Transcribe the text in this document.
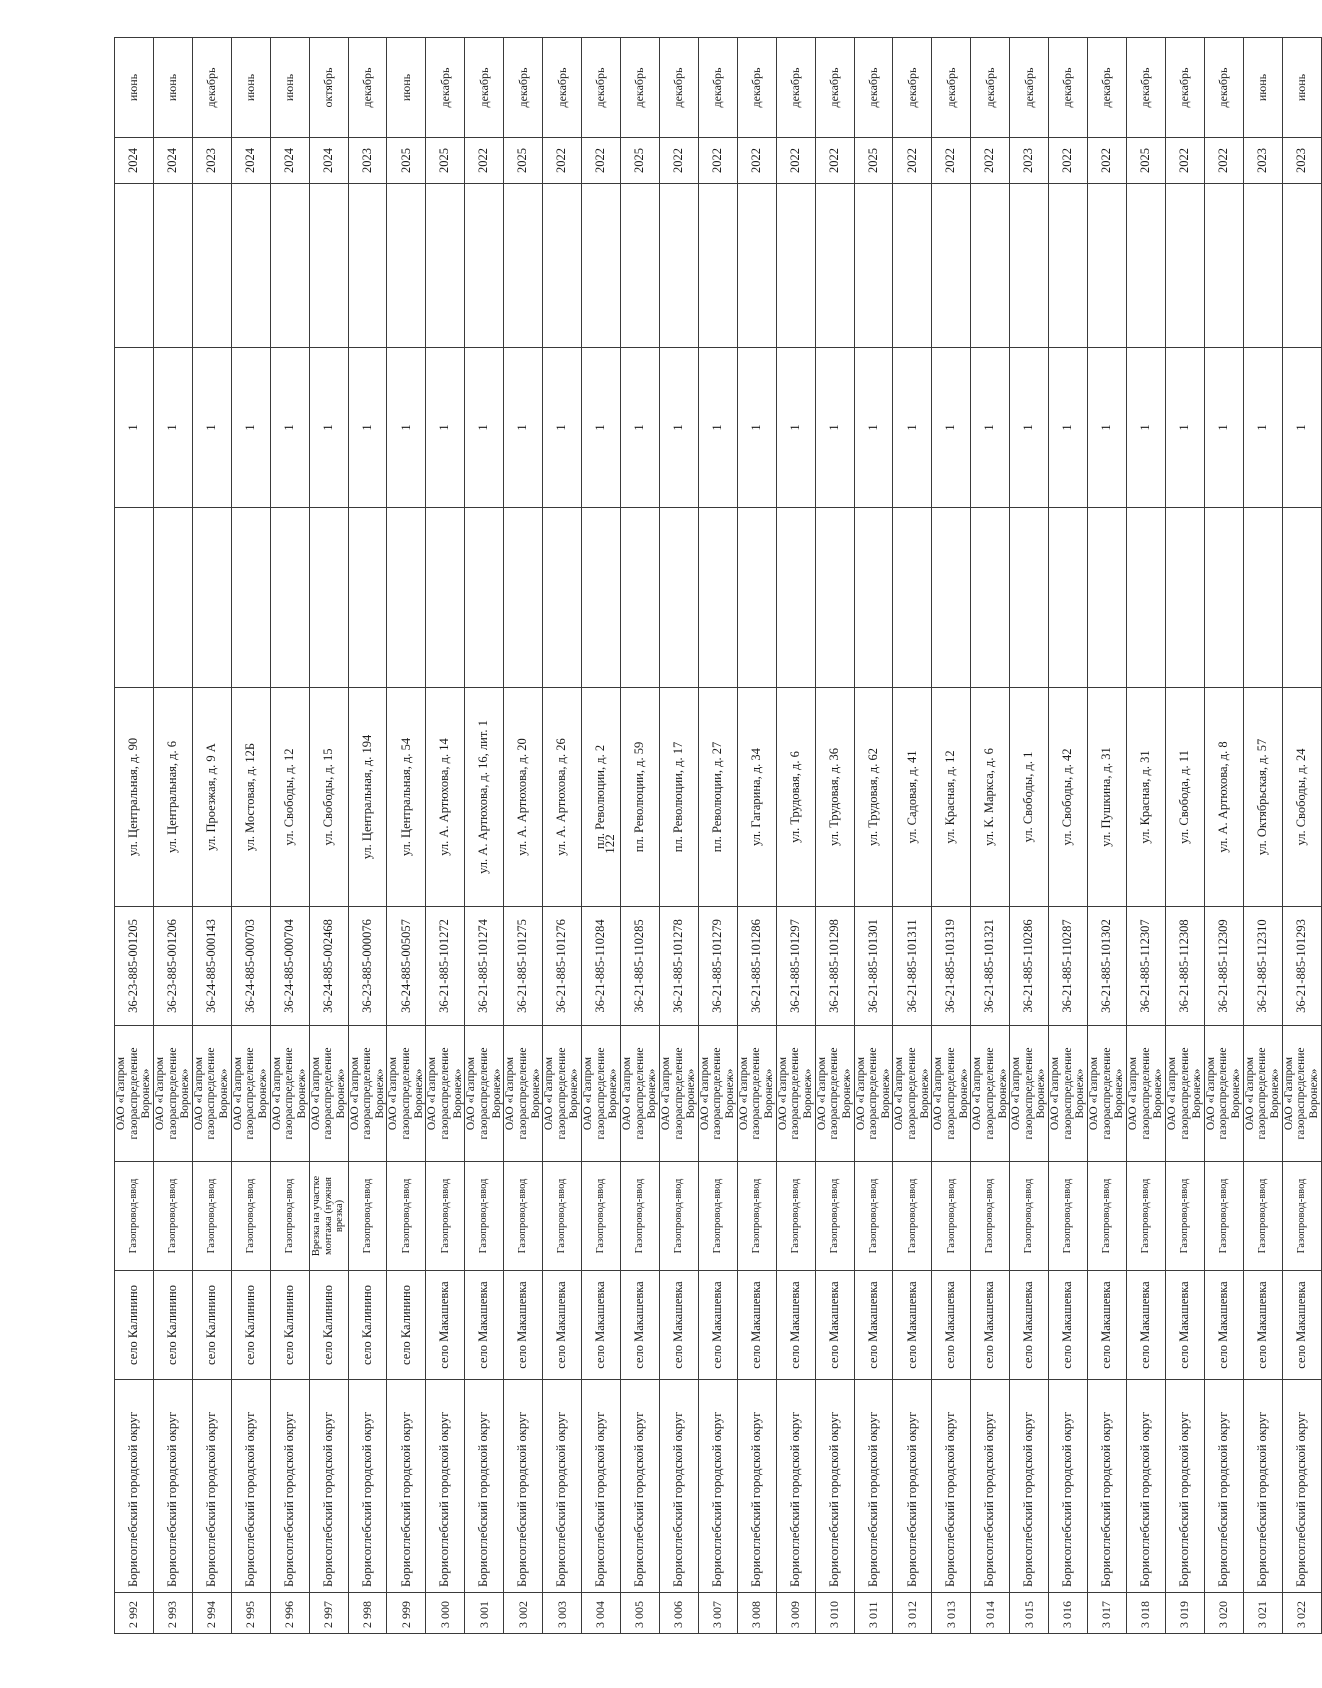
2 992	Борисоглебский городской округ	село Калинино	Газопровод-ввод	ОАО «Газпром газораспределение Воронеж»	36-23-885-001205	ул. Центральная, д. 90		1		2024	июнь
2 993	Борисоглебский городской округ	село Калинино	Газопровод-ввод	ОАО «Газпром газораспределение Воронеж»	36-23-885-001206	ул. Центральная, д. 6		1		2024	июнь
2 994	Борисоглебский городской округ	село Калинино	Газопровод-ввод	ОАО «Газпром газораспределение Воронеж»	36-24-885-000143	ул. Проезжая, д. 9 А		1		2023	декабрь
2 995	Борисоглебский городской округ	село Калинино	Газопровод-ввод	ОАО «Газпром газораспределение Воронеж»	36-24-885-000703	ул. Мостовая, д. 12Б		1		2024	июнь
2 996	Борисоглебский городской округ	село Калинино	Газопровод-ввод	ОАО «Газпром газораспределение Воронеж»	36-24-885-000704	ул. Свободы, д. 12		1		2024	июнь
2 997	Борисоглебский городской округ	село Калинино	Врезка на участке монтажа (нужная врезка)	ОАО «Газпром газораспределение Воронеж»	36-24-885-002468	ул. Свободы, д. 15		1		2024	октябрь
2 998	Борисоглебский городской округ	село Калинино	Газопровод-ввод	ОАО «Газпром газораспределение Воронеж»	36-23-885-000076	ул. Центральная, д. 194		1		2023	декабрь
2 999	Борисоглебский городской округ	село Калинино	Газопровод-ввод	ОАО «Газпром газораспределение Воронеж»	36-24-885-005057	ул. Центральная, д. 54		1		2025	июнь
3 000	Борисоглебский городской округ	село Макашевка	Газопровод-ввод	ОАО «Газпром газораспределение Воронеж»	36-21-885-101272	ул. А. Артюхова, д. 14		1		2025	декабрь
3 001	Борисоглебский городской округ	село Макашевка	Газопровод-ввод	ОАО «Газпром газораспределение Воронеж»	36-21-885-101274	ул. А. Артюхова, д. 16, лит. 1		1		2022	декабрь
3 002	Борисоглебский городской округ	село Макашевка	Газопровод-ввод	ОАО «Газпром газораспределение Воронеж»	36-21-885-101275	ул. А. Артюхова, д. 20		1		2025	декабрь
3 003	Борисоглебский городской округ	село Макашевка	Газопровод-ввод	ОАО «Газпром газораспределение Воронеж»	36-21-885-101276	ул. А. Артюхова, д. 26		1		2022	декабрь
3 004	Борисоглебский городской округ	село Макашевка	Газопровод-ввод	ОАО «Газпром газораспределение Воронеж»	36-21-885-110284	пл. Революции, д. 2		1		2022	декабрь
3 005	Борисоглебский городской округ	село Макашевка	Газопровод-ввод	ОАО «Газпром газораспределение Воронеж»	36-21-885-110285	пл. Революции, д. 59		1		2025	декабрь
3 006	Борисоглебский городской округ	село Макашевка	Газопровод-ввод	ОАО «Газпром газораспределение Воронеж»	36-21-885-101278	пл. Революции, д. 17		1		2022	декабрь
3 007	Борисоглебский городской округ	село Макашевка	Газопровод-ввод	ОАО «Газпром газораспределение Воронеж»	36-21-885-101279	пл. Революции, д. 27		1		2022	декабрь
3 008	Борисоглебский городской округ	село Макашевка	Газопровод-ввод	ОАО «Газпром газораспределение Воронеж»	36-21-885-101286	ул. Гагарина, д. 34		1		2022	декабрь
3 009	Борисоглебский городской округ	село Макашевка	Газопровод-ввод	ОАО «Газпром газораспределение Воронеж»	36-21-885-101297	ул. Трудовая, д. 6		1		2022	декабрь
3 010	Борисоглебский городской округ	село Макашевка	Газопровод-ввод	ОАО «Газпром газораспределение Воронеж»	36-21-885-101298	ул. Трудовая, д. 36		1		2022	декабрь
3 011	Борисоглебский городской округ	село Макашевка	Газопровод-ввод	ОАО «Газпром газораспределение Воронеж»	36-21-885-101301	ул. Трудовая, д. 62		1		2025	декабрь
3 012	Борисоглебский городской округ	село Макашевка	Газопровод-ввод	ОАО «Газпром газораспределение Воронеж»	36-21-885-101311	ул. Садовая, д. 41		1		2022	декабрь
3 013	Борисоглебский городской округ	село Макашевка	Газопровод-ввод	ОАО «Газпром газораспределение Воронеж»	36-21-885-101319	ул. Красная, д. 12		1		2022	декабрь
3 014	Борисоглебский городской округ	село Макашевка	Газопровод-ввод	ОАО «Газпром газораспределение Воронеж»	36-21-885-101321	ул. К. Маркса, д. 6		1		2022	декабрь
3 015	Борисоглебский городской округ	село Макашевка	Газопровод-ввод	ОАО «Газпром газораспределение Воронеж»	36-21-885-110286	ул. Свободы, д. 1		1		2023	декабрь
3 016	Борисоглебский городской округ	село Макашевка	Газопровод-ввод	ОАО «Газпром газораспределение Воронеж»	36-21-885-110287	ул. Свободы, д. 42		1		2022	декабрь
3 017	Борисоглебский городской округ	село Макашевка	Газопровод-ввод	ОАО «Газпром газораспределение Воронеж»	36-21-885-101302	ул. Пушкина, д. 31		1		2022	декабрь
3 018	Борисоглебский городской округ	село Макашевка	Газопровод-ввод	ОАО «Газпром газораспределение Воронеж»	36-21-885-112307	ул. Красная, д. 31		1		2025	декабрь
3 019	Борисоглебский городской округ	село Макашевка	Газопровод-ввод	ОАО «Газпром газораспределение Воронеж»	36-21-885-112308	ул. Свобода, д. 11		1		2022	декабрь
3 020	Борисоглебский городской округ	село Макашевка	Газопровод-ввод	ОАО «Газпром газораспределение Воронеж»	36-21-885-112309	ул. А. Артюхова, д. 8		1		2022	декабрь
3 021	Борисоглебский городской округ	село Макашевка	Газопровод-ввод	ОАО «Газпром газораспределение Воронеж»	36-21-885-112310	ул. Октябрьская, д. 57		1		2023	июнь
3 022	Борисоглебский городской округ	село Макашевка	Газопровод-ввод	ОАО «Газпром газораспределение Воронеж»	36-21-885-101293	ул. Свободы, д. 24		1		2023	июнь
122
